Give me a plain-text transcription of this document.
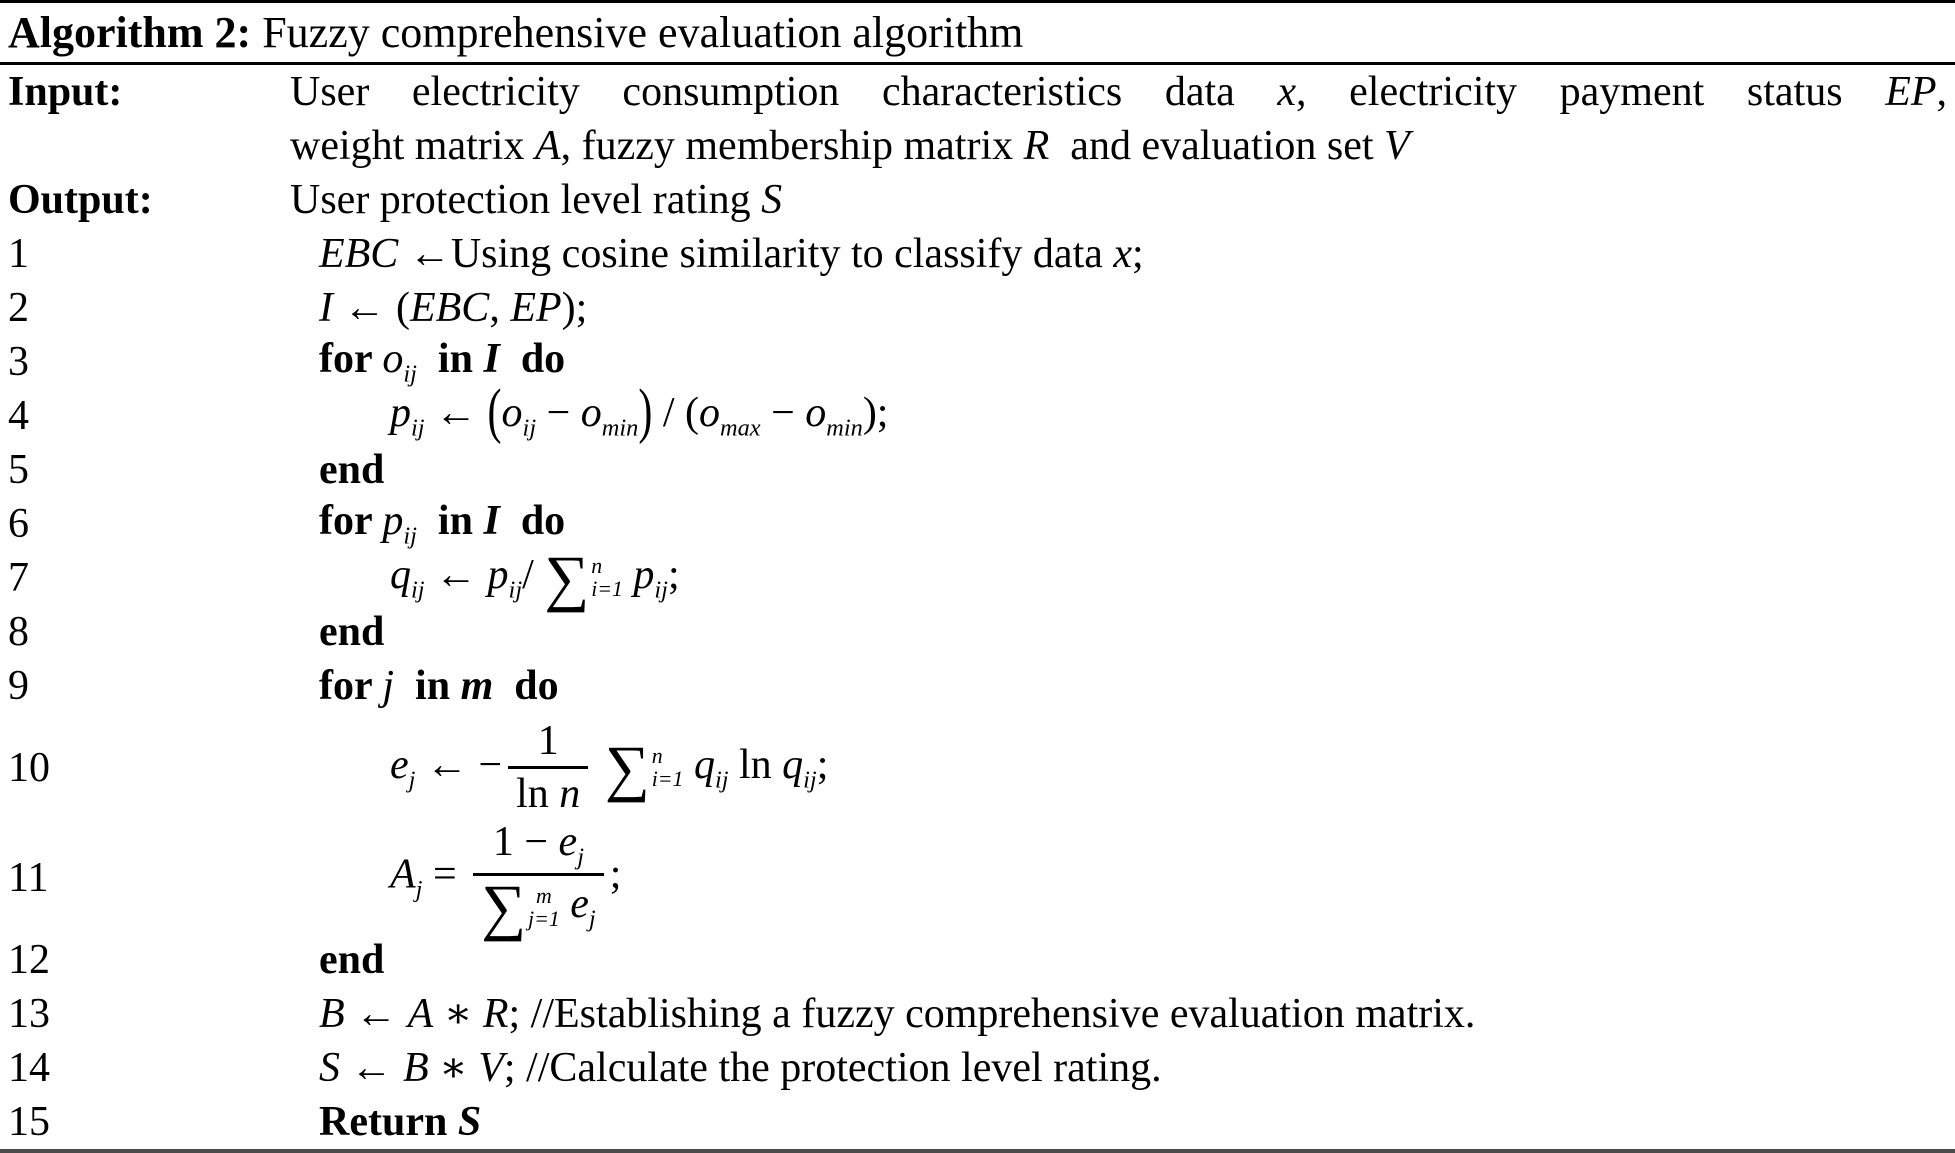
Algorithm 2: Fuzzy comprehensive evaluation algorithm
Input:	User electricity consumption characteristics data x, electricity payment status EP,
weight matrix A, fuzzy membership matrix R  and evaluation set V
Output:	User protection level rating S
1	EBC ←Using cosine similarity to classify data x;
2	I ← (EBC, EP);
3	for $o_{ij}$  in I  do
4	$p_{ij}$ ← $(o_{ij} - o_{min}) / (o_{max} - o_{min})$;
5	end
6	for $p_{ij}$  in I  do
7	$q_{ij}$ ← $p_{ij}/$ ∑ n
i=1 $p_{ij}$;
8	end
9	for j  in m  do
10	$e_j$ ← − $\frac{1}{\text{ln n}}$
∑ n
i=1 $q_{ij}$ $\ln q_{ij}$;
11	$A_j = 1 - e_j$
∑ m
j=1 $e_j$ ;
12	end
13	B ← A ∗ R; //Establishing a fuzzy comprehensive evaluation matrix.
14	S ← B ∗ V; //Calculate the protection level rating.
15	Return S
